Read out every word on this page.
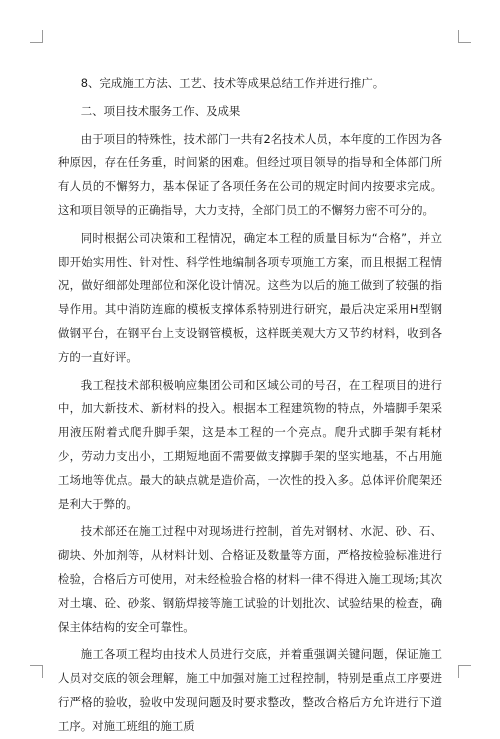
8、完成施工方法、工艺、技术等成果总结工作并进行推广。

二、项目技术服务工作、及成果

由于项目的特殊性，技术部门一共有2名技术人员，本年度的工作因为各种原因，存在任务重，时间紧的困难。但经过项目领导的指导和全体部门所有人员的不懈努力，基本保证了各项任务在公司的规定时间内按要求完成。这和项目领导的正确指导，大力支持，全部门员工的不懈努力密不可分的。

同时根据公司决策和工程情况，确定本工程的质量目标为“合格”，并立即开始实用性、针对性、科学性地编制各项专项施工方案，而且根据工程情况，做好细部处理部位和深化设计情况。这些为以后的施工做到了较强的指导作用。其中消防连廊的模板支撑体系特别进行研究，最后决定采用H型钢做钢平台，在钢平台上支设钢管模板，这样既美观大方又节约材料，收到各方的一直好评。

我工程技术部积极响应集团公司和区域公司的号召，在工程项目的进行中，加大新技术、新材料的投入。根据本工程建筑物的特点，外墙脚手架采用液压附着式爬升脚手架，这是本工程的一个亮点。爬升式脚手架有耗材少，劳动力支出小，工期短地面不需要做支撑脚手架的坚实地基，不占用施工场地等优点。最大的缺点就是造价高，一次性的投入多。总体评价爬架还是利大于弊的。

技术部还在施工过程中对现场进行控制，首先对钢材、水泥、砂、石、砌块、外加剂等，从材料计划、合格证及数量等方面，严格按检验标准进行检验，合格后方可使用，对未经检验合格的材料一律不得进入施工现场;其次对土壤、砼、砂浆、钢筋焊接等施工试验的计划批次、试验结果的检查，确保主体结构的安全可靠性。

施工各项工程均由技术人员进行交底，并着重强调关键问题，保证施工人员对交底的领会理解，施工中加强对施工过程控制，特别是重点工序要进行严格的验收，验收中发现问题及时要求整改，整改合格后方允许进行下道工序。对施工班组的施工质
